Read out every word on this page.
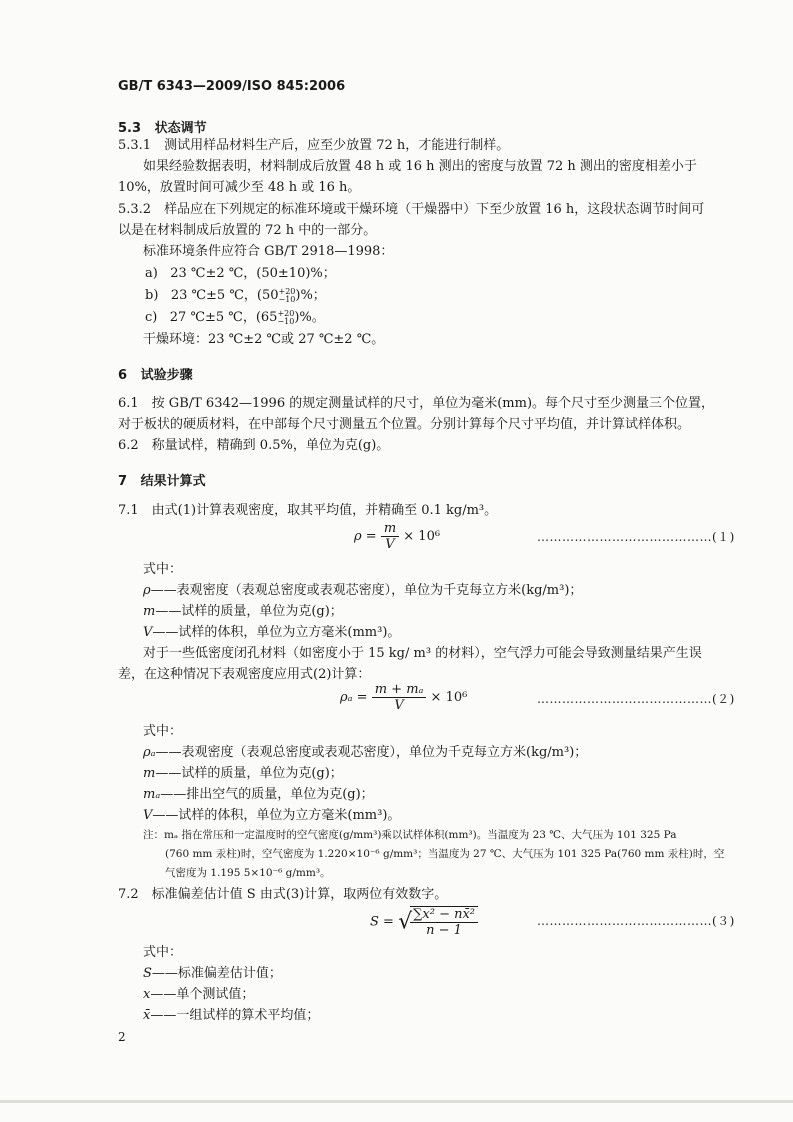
GB/T 6343—2009/ISO 845:2006
5.3 状态调节
5.3.1　测试用样品材料生产后，应至少放置 72 h，才能进行制样。
如果经验数据表明，材料制成后放置 48 h 或 16 h 测出的密度与放置 72 h 测出的密度相差小于
10%，放置时间可减少至 48 h 或 16 h。
5.3.2　样品应在下列规定的标准环境或干燥环境（干燥器中）下至少放置 16 h，这段状态调节时间可
以是在材料制成后放置的 72 h 中的一部分。
标准环境条件应符合 GB/T 2918—1998：
a) 23 ℃±2 ℃，(50±10)%；
b) 23 ℃±5 ℃，(50 +20
−10 )%；
c) 27 ℃±5 ℃，(65 +20
−10 )%。
干燥环境：23 ℃±2 ℃或 27 ℃±2 ℃。
6 试验步骤
6.1　按 GB/T 6342—1996 的规定测量试样的尺寸，单位为毫米(mm)。每个尺寸至少测量三个位置，
对于板状的硬质材料，在中部每个尺寸测量五个位置。分别计算每个尺寸平均值，并计算试样体积。
6.2　称量试样，精确到 0.5%，单位为克(g)。
7 结果计算式
7.1　由式(1)计算表观密度，取其平均值，并精确至 0.1 kg/m³。
$\rho = \frac{m}{V} \times 10^6$	……………………………………(１)
式中：
ρ——表观密度（表观总密度或表观芯密度），单位为千克每立方米(kg/m³)；
m——试样的质量，单位为克(g)；
V——试样的体积，单位为立方毫米(mm³)。
对于一些低密度闭孔材料（如密度小于 15 kg/ m³ 的材料），空气浮力可能会导致测量结果产生误
差，在这种情况下表观密度应用式(2)计算：
$\rho_a = \frac{\text{m + mₐ}}{V} \times 10^6$	……………………………………(２)
式中：
ρₐ——表观密度（表观总密度或表观芯密度），单位为千克每立方米(kg/m³)；
m——试样的质量，单位为克(g)；
mₐ——排出空气的质量，单位为克(g)；
V——试样的体积，单位为立方毫米(mm³)。
注：mₐ 指在常压和一定温度时的空气密度(g/mm³)乘以试样体积(mm³)。当温度为 23 ℃、大气压为 101 325 Pa
(760 mm 汞柱)时，空气密度为 1.220×10⁻⁶ g/mm³；当温度为 27 ℃、大气压为 101 325 Pa(760 mm 汞柱)时，空
气密度为 1.195 5×10⁻⁶ g/mm³。
7.2　标准偏差估计值 S 由式(3)计算，取两位有效数字。
S = √
$\frac{\text{∑x² − nx̄²}}{n - 1}$	……………………………………(３)
式中：
S——标准偏差估计值；
x——单个测试值；
x̄——一组试样的算术平均值；
2
